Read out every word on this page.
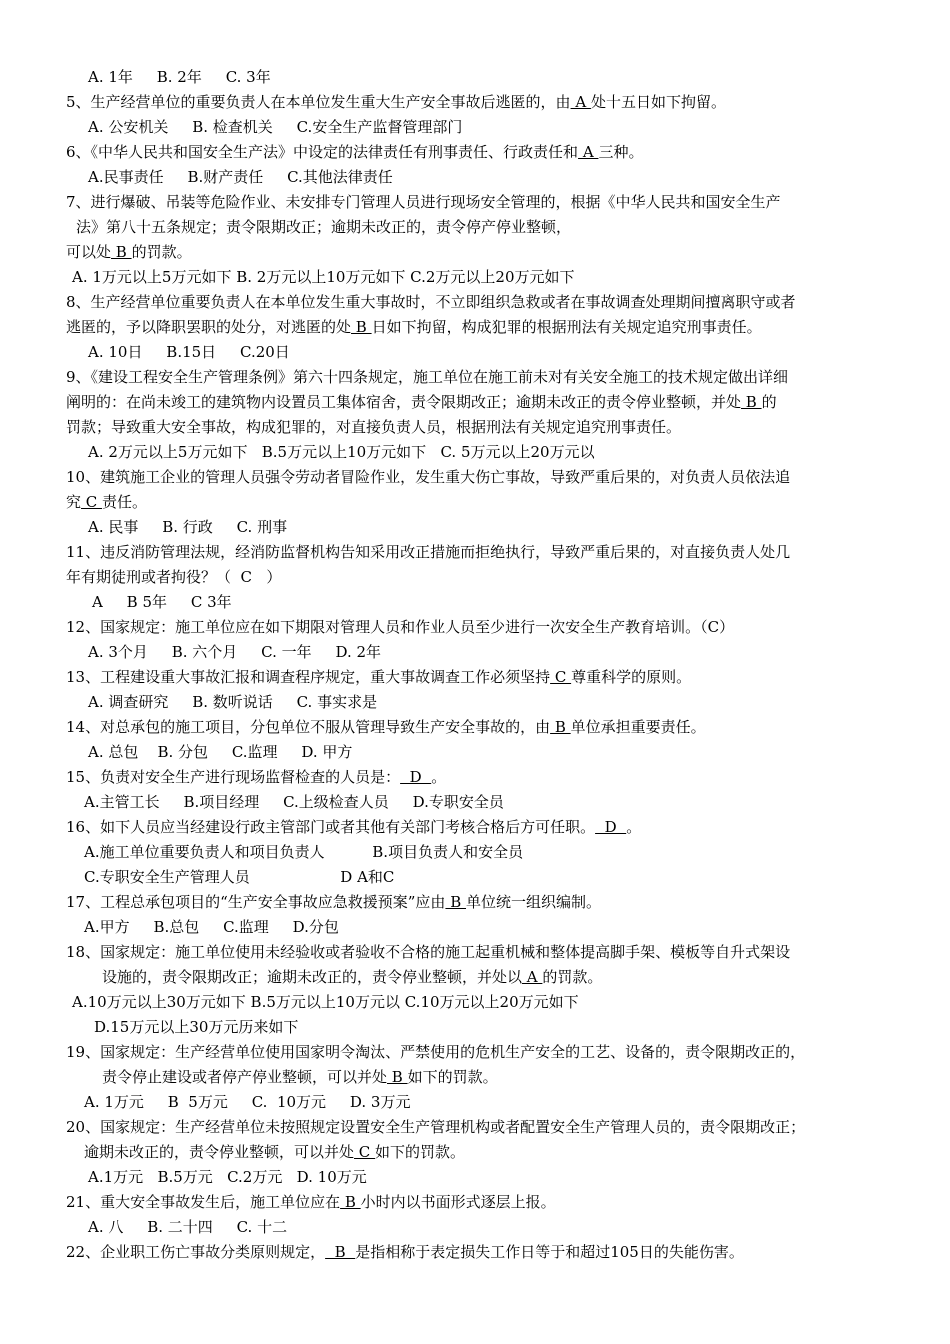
A. 1年     B. 2年     C. 3年
5、生产经营单位的重要负责人在本单位发生重大生产安全事故后逃匿的，由 A 处十五日如下拘留。
A. 公安机关     B. 检查机关     C.安全生产监督管理部门
6、《中华人民共和国安全生产法》中设定的法律责任有刑事责任、行政责任和 A 三种。
A.民事责任     B.财产责任     C.其他法律责任
7、进行爆破、吊装等危险作业、未安排专门管理人员进行现场安全管理的，根据《中华人民共和国安全生产
法》第八十五条规定；责令限期改正；逾期未改正的，责令停产停业整顿，
可以处 B 的罚款。
A. 1万元以上5万元如下 B. 2万元以上10万元如下 C.2万元以上20万元如下
8、生产经营单位重要负责人在本单位发生重大事故时，不立即组织急救或者在事故调查处理期间擅离职守或者
逃匿的，予以降职罢职的处分，对逃匿的处 B 日如下拘留，构成犯罪的根据刑法有关规定追究刑事责任。
A. 10日     B.15日     C.20日
9、《建设工程安全生产管理条例》第六十四条规定，施工单位在施工前未对有关安全施工的技术规定做出详细
阐明的：在尚未竣工的建筑物内设置员工集体宿舍，责令限期改正；逾期未改正的责令停业整顿，并处 B 的
罚款；导致重大安全事故，构成犯罪的，对直接负责人员，根据刑法有关规定追究刑事责任。
A. 2万元以上5万元如下   B.5万元以上10万元如下   C. 5万元以上20万元以
10、建筑施工企业的管理人员强令劳动者冒险作业，发生重大伤亡事故，导致严重后果的，对负责人员依法追
究 C 责任。
A. 民事     B. 行政     C. 刑事
11、违反消防管理法规，经消防监督机构告知采用改正措施而拒绝执行，导致严重后果的，对直接负责人处几
年有期徒刑或者拘役？（  C   ）
A     B 5年     C 3年
12、国家规定：施工单位应在如下期限对管理人员和作业人员至少进行一次安全生产教育培训。（C）
A. 3个月     B. 六个月     C. 一年     D. 2年
13、工程建设重大事故汇报和调查程序规定，重大事故调查工作必须坚持 C 尊重科学的原则。
A. 调查研究     B. 数听说话     C. 事实求是
14、对总承包的施工项目，分包单位不服从管理导致生产安全事故的，由 B 单位承担重要责任。
A. 总包    B. 分包     C.监理     D. 甲方
15、负责对安全生产进行现场监督检查的人员是：  D  。
A.主管工长     B.项目经理     C.上级检查人员     D.专职安全员
16、如下人员应当经建设行政主管部门或者其他有关部门考核合格后方可任职。  D  。
A.施工单位重要负责人和项目负责人          B.项目负责人和安全员
C.专职安全生产管理人员                   D A和C
17、工程总承包项目的“生产安全事故应急救援预案”应由 B 单位统一组织编制。
A.甲方     B.总包     C.监理     D.分包
18、国家规定：施工单位使用未经验收或者验收不合格的施工起重机械和整体提高脚手架、模板等自升式架设
设施的，责令限期改正；逾期未改正的，责令停业整顿，并处以 A 的罚款。
A.10万元以上30万元如下 B.5万元以上10万元以 C.10万元以上20万元如下
D.15万元以上30万元历来如下
19、国家规定：生产经营单位使用国家明令淘汰、严禁使用的危机生产安全的工艺、设备的，责令限期改正的，
责令停止建设或者停产停业整顿，可以并处 B 如下的罚款。
A. 1万元     B  5万元     C.  10万元     D. 3万元
20、国家规定：生产经营单位未按照规定设置安全生产管理机构或者配置安全生产管理人员的，责令限期改正；
逾期未改正的，责令停业整顿，可以并处 C 如下的罚款。
A.1万元   B.5万元   C.2万元   D. 10万元
21、重大安全事故发生后，施工单位应在 B 小时内以书面形式逐层上报。
A. 八     B. 二十四     C. 十二
22、企业职工伤亡事故分类原则规定，  B  是指相称于表定损失工作日等于和超过105日的失能伤害。
